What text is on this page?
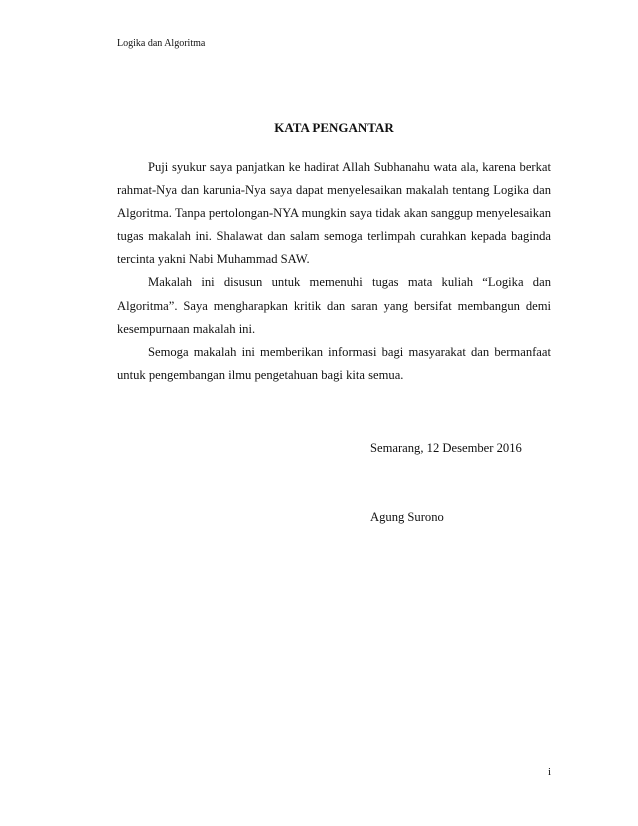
Logika dan Algoritma
KATA PENGANTAR

Puji syukur saya panjatkan ke hadirat Allah Subhanahu wata ala, karena berkat rahmat-Nya dan karunia-Nya saya dapat menyelesaikan makalah tentang Logika dan Algoritma. Tanpa pertolongan-NYA mungkin saya tidak akan sanggup menyelesaikan tugas makalah ini. Shalawat dan salam semoga terlimpah curahkan kepada baginda tercinta yakni Nabi Muhammad SAW.

Makalah ini disusun untuk memenuhi tugas mata kuliah “Logika dan Algoritma”. Saya mengharapkan kritik dan saran yang bersifat membangun demi kesempurnaan makalah ini.

Semoga makalah ini memberikan informasi bagi masyarakat dan bermanfaat untuk pengembangan ilmu pengetahuan bagi kita semua.

Semarang, 12 Desember 2016
Agung Surono
i
